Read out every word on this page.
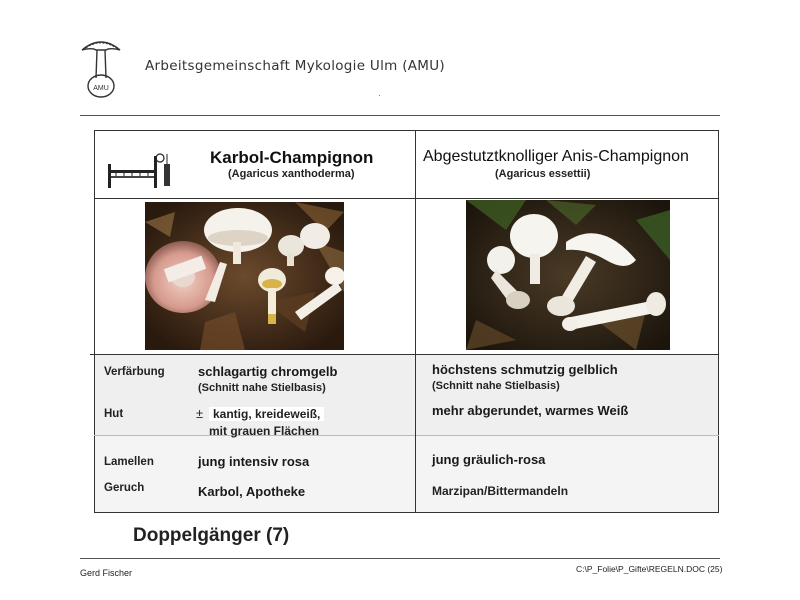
AMU
Arbeitsgemeinschaft Mykologie Ulm (AMU)
·
Karbol-Champignon
(Agaricus xanthoderma)
Abgestutztknolliger Anis-Champignon
(Agaricus essettii)
Verfärbung
Hut
Lamellen
Geruch
schlagartig chromgelb
(Schnitt nahe Stielbasis)
± kantig, kreideweiß,
mit grauen Flächen
jung intensiv rosa
Karbol, Apotheke
höchstens schmutzig gelblich
(Schnitt nahe Stielbasis)
mehr abgerundet, warmes Weiß
jung gräulich-rosa
Marzipan/Bittermandeln
Doppelgänger (7)
Gerd Fischer	C:\P_Folie\P_Gifte\REGELN.DOC (25)
